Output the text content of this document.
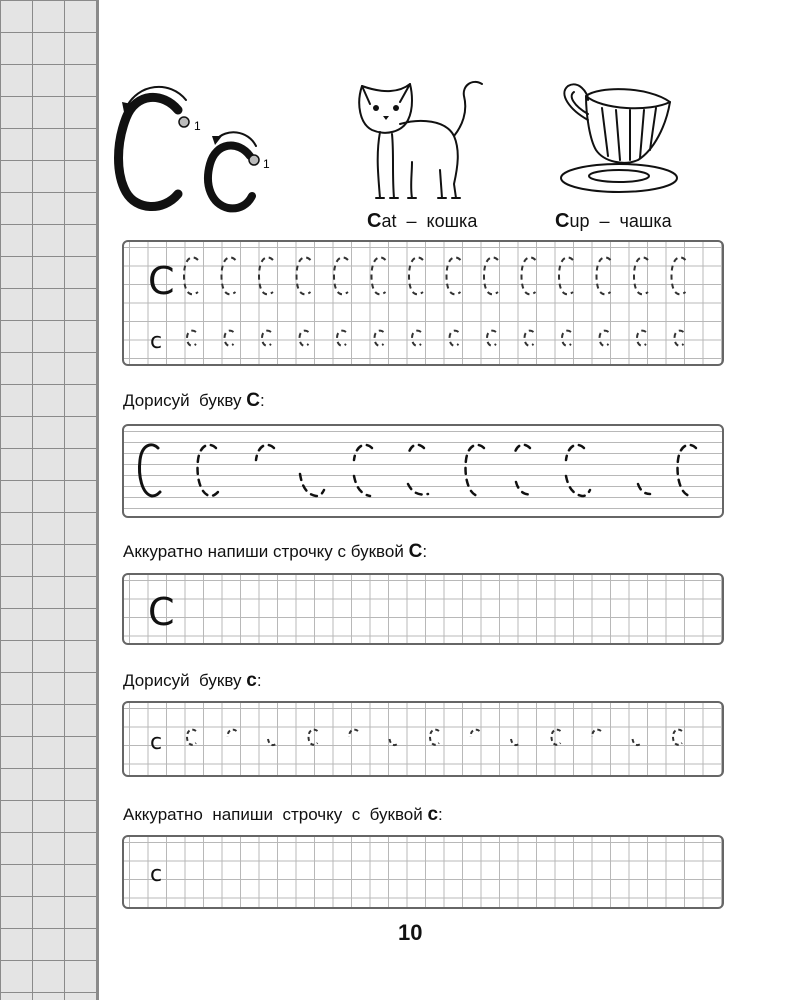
1
1
Cat – кошка	Cup – чашка
C
c
Дорисуй  букву C:
Аккуратно напиши строчку с буквой C:
C
Дорисуй  букву c:
c
Аккуратно  напиши  строчку  с  буквой c:
c
10
